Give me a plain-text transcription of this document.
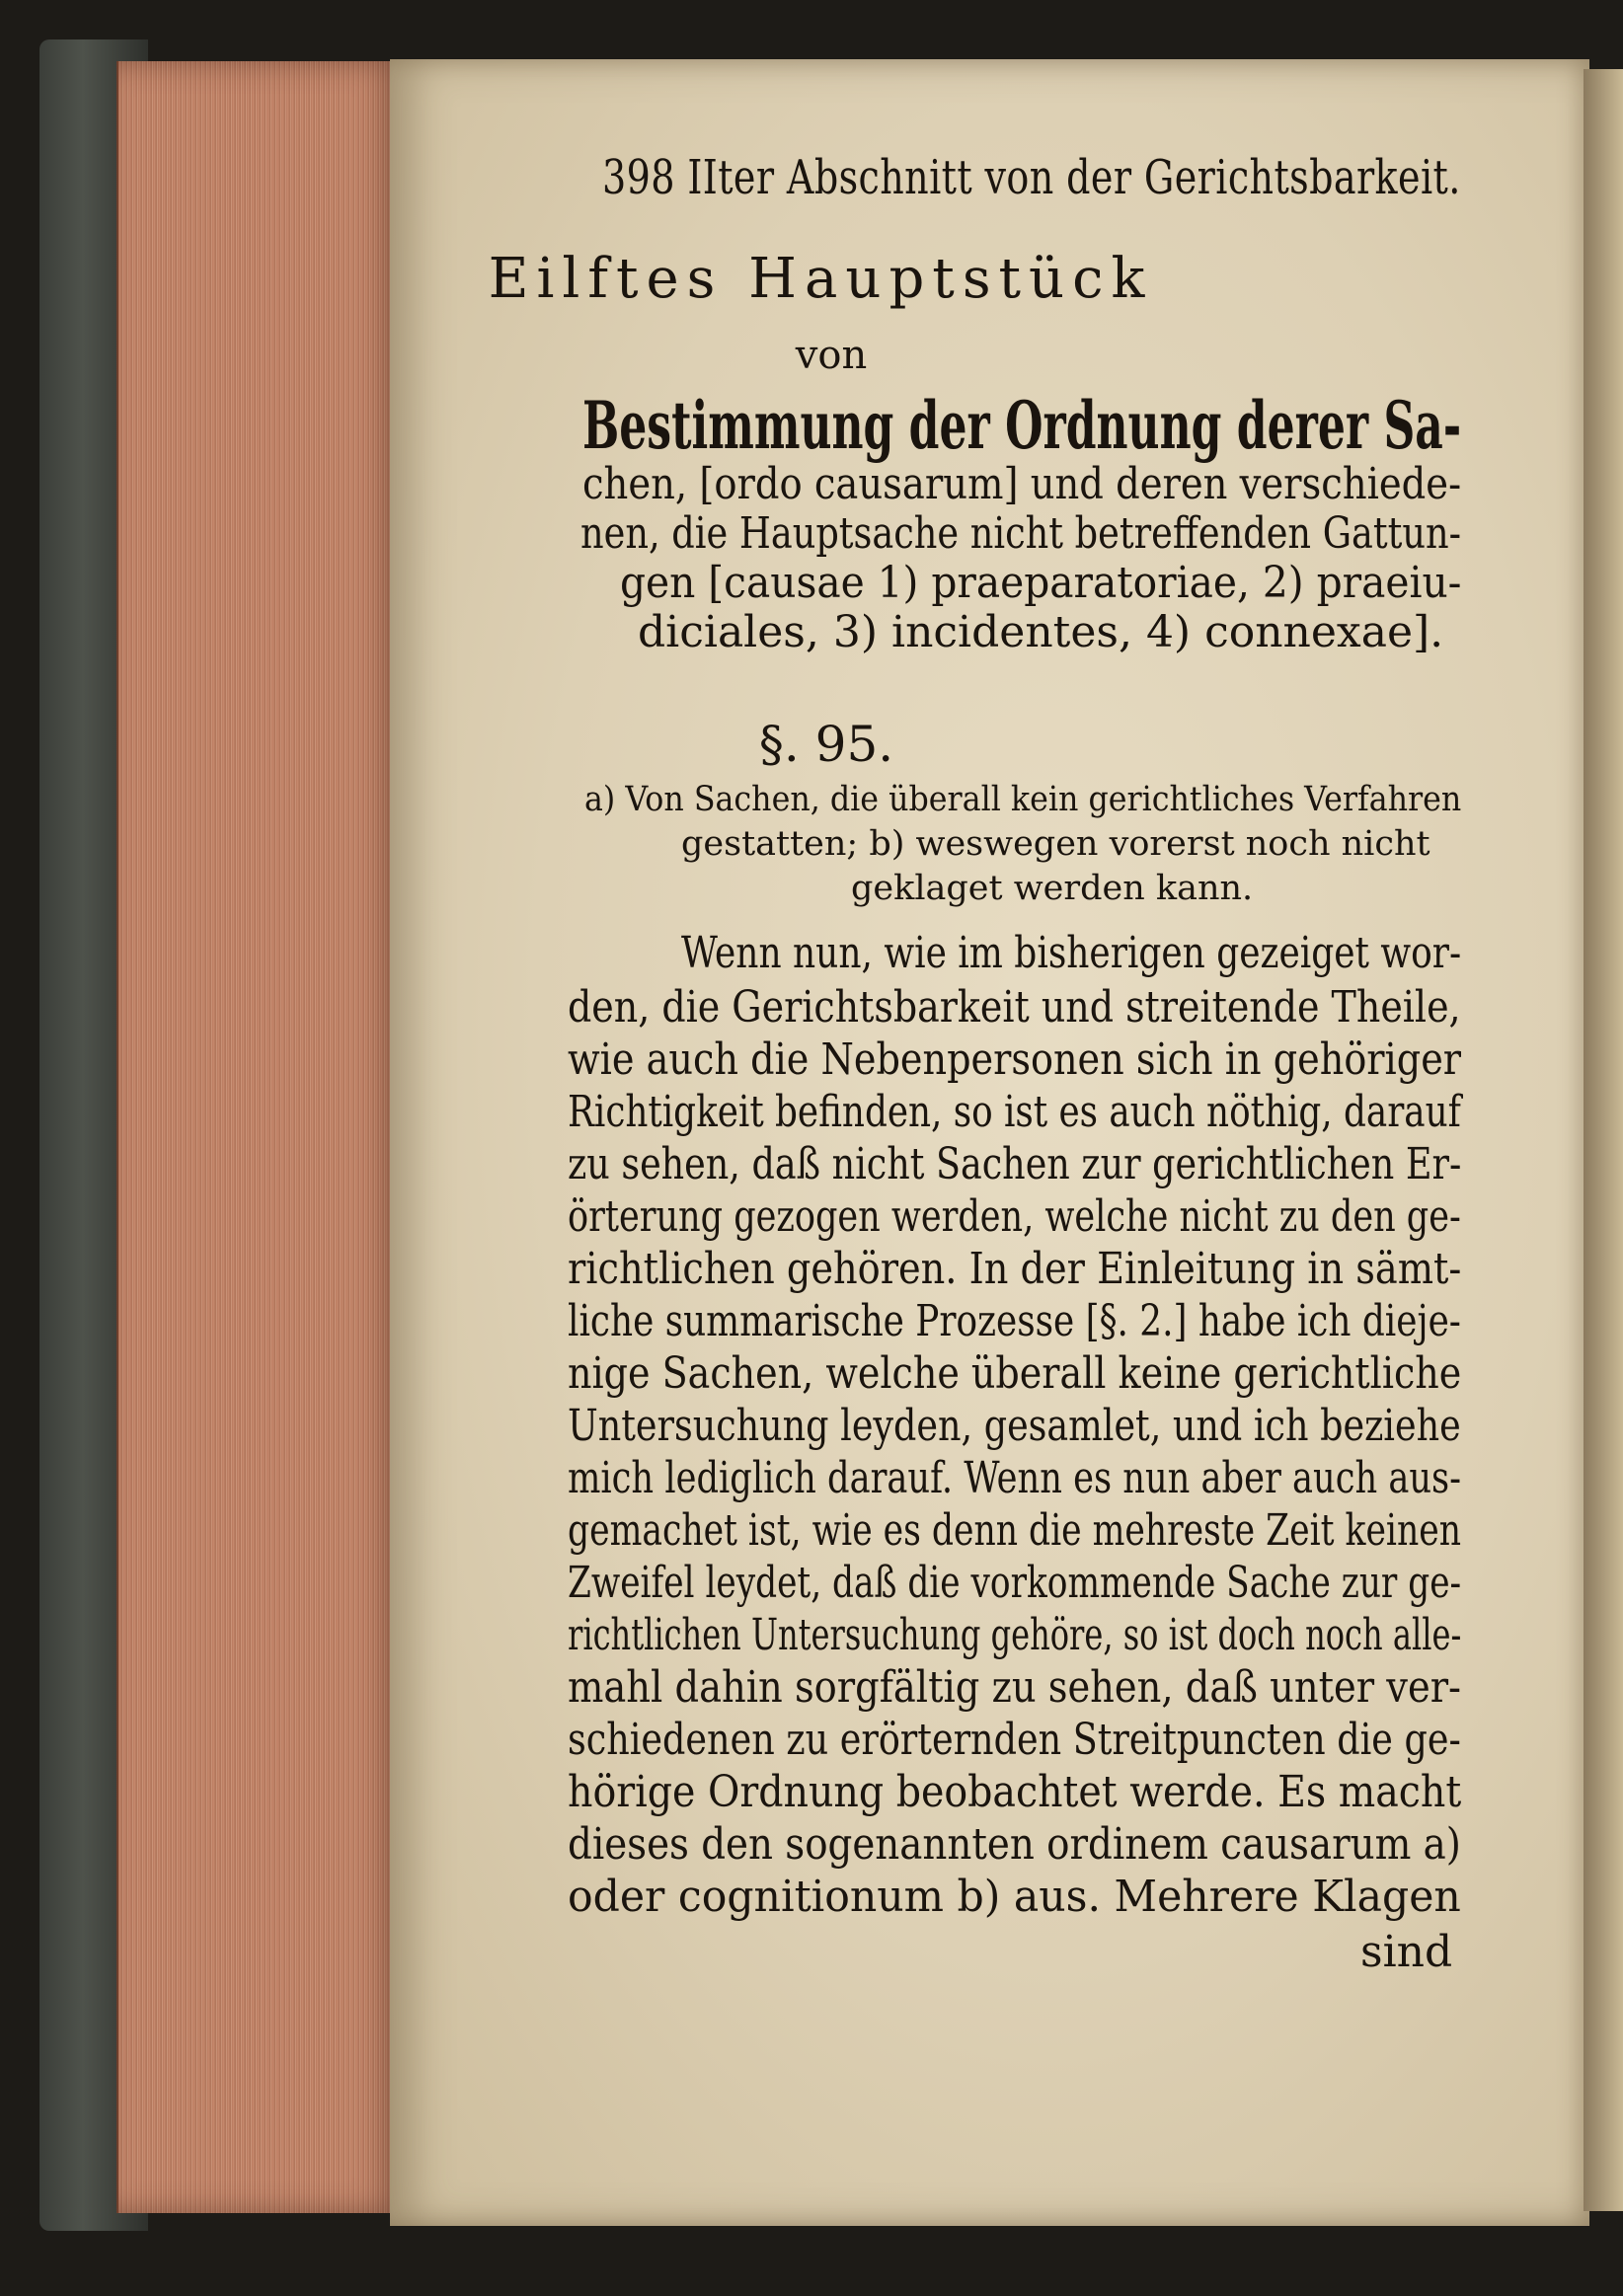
398 IIter Abschnitt von der Gerichtsbarkeit.
Eilftes Hauptstück
von
Bestimmung der Ordnung derer Sa-
chen, [ordo causarum] und deren verschiede-
nen, die Hauptsache nicht betreffenden Gattun-
gen [causae 1) praeparatoriae, 2) praeiu-
diciales, 3) incidentes, 4) connexae].
§. 95.
a) Von Sachen, die überall kein gerichtliches Verfahren
gestatten; b) weswegen vorerst noch nicht
geklaget werden kann.
Wenn nun, wie im bisherigen gezeiget wor-
den, die Gerichtsbarkeit und streitende Theile,
wie auch die Nebenpersonen sich in gehöriger
Richtigkeit befinden, so ist es auch nöthig, darauf
zu sehen, daß nicht Sachen zur gerichtlichen Er-
örterung gezogen werden, welche nicht zu den ge-
richtlichen gehören. In der Einleitung in sämt-
liche summarische Prozesse [§. 2.] habe ich dieje-
nige Sachen, welche überall keine gerichtliche
Untersuchung leyden, gesamlet, und ich beziehe
mich lediglich darauf. Wenn es nun aber auch aus-
gemachet ist, wie es denn die mehreste Zeit keinen
Zweifel leydet, daß die vorkommende Sache zur ge-
richtlichen Untersuchung gehöre, so ist doch noch alle-
mahl dahin sorgfältig zu sehen, daß unter ver-
schiedenen zu erörternden Streitpuncten die ge-
hörige Ordnung beobachtet werde. Es macht
dieses den sogenannten ordinem causarum a)
oder cognitionum b) aus. Mehrere Klagen
sind
